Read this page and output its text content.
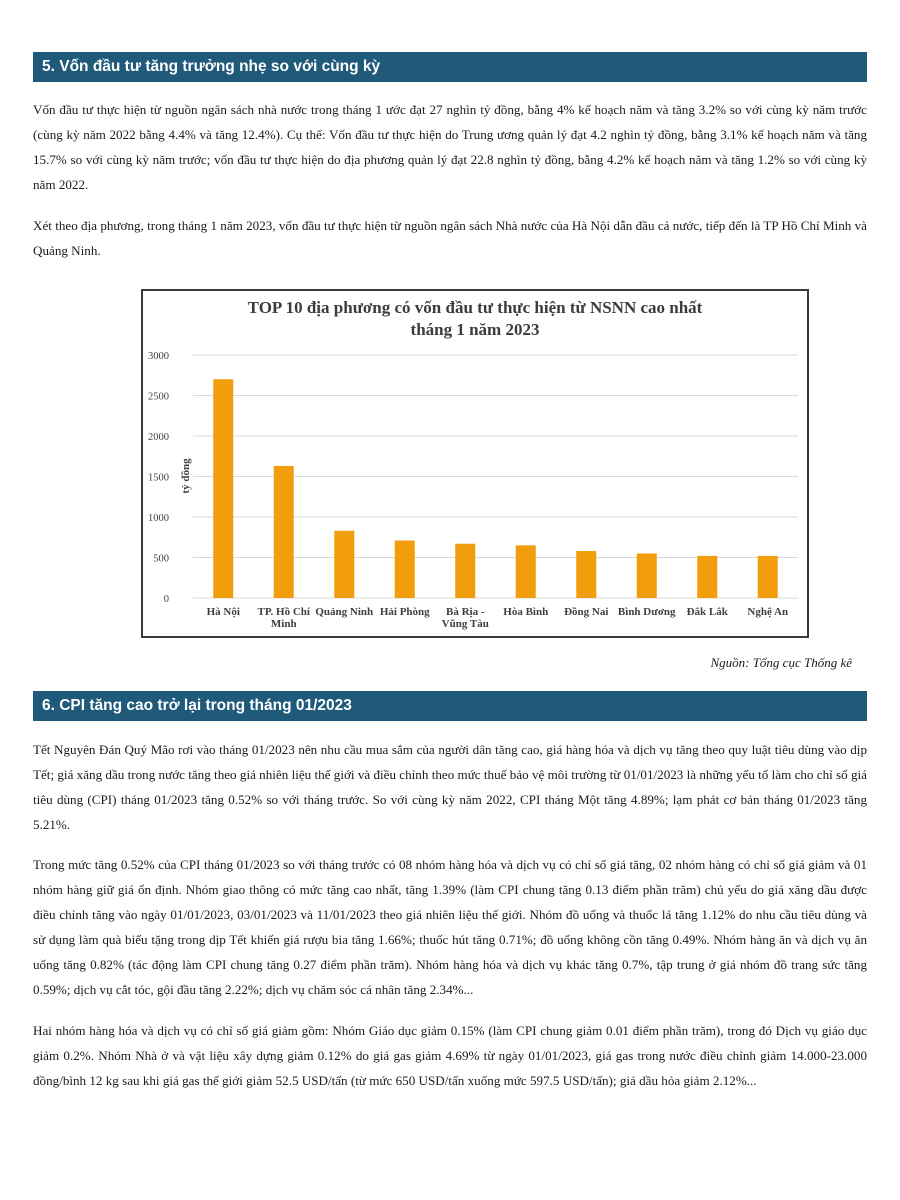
5. Vốn đầu tư tăng trưởng nhẹ so với cùng kỳ

Vốn đầu tư thực hiện từ nguồn ngân sách nhà nước trong tháng 1 ước đạt 27 nghìn tỷ đồng, bằng 4% kế hoạch năm và tăng 3.2% so với cùng kỳ năm trước (cùng kỳ năm 2022 bằng 4.4% và tăng 12.4%). Cụ thể: Vốn đầu tư thực hiện do Trung ương quản lý đạt 4.2 nghìn tỷ đồng, bằng 3.1% kế hoạch năm và tăng 15.7% so với cùng kỳ năm trước; vốn đầu tư thực hiện do địa phương quản lý đạt 22.8 nghìn tỷ đồng, bằng 4.2% kế hoạch năm và tăng 1.2% so với cùng kỳ năm 2022.

Xét theo địa phương, trong tháng 1 năm 2023, vốn đầu tư thực hiện từ nguồn ngân sách Nhà nước của Hà Nội dẫn đầu cả nước, tiếp đến là TP Hồ Chí Minh và Quảng Ninh.

TOP 10 địa phương có vốn đầu tư thực hiện từ NSNN cao nhất
tháng 1 năm 2023
0
500
1000
1500
2000
2500
3000
Hà Nội TP. Hồ Chí Minh
Quảng Ninh Hải Phòng	Bà Rịa -Vũng Tàu
Hòa Bình Đồng Nai Bình Dương Đắk Lắk Nghệ An
tỷ đồng
Nguồn: Tổng cục Thống kê
6. CPI tăng cao trở lại trong tháng 01/2023

Tết Nguyên Đán Quý Mão rơi vào tháng 01/2023 nên nhu cầu mua sắm của người dân tăng cao, giá hàng hóa và dịch vụ tăng theo quy luật tiêu dùng vào dịp Tết; giá xăng dầu trong nước tăng theo giá nhiên liệu thế giới và điều chỉnh theo mức thuế bảo vệ môi trường từ 01/01/2023 là những yếu tố làm cho chỉ số giá tiêu dùng (CPI) tháng 01/2023 tăng 0.52% so với tháng trước. So với cùng kỳ năm 2022, CPI tháng Một tăng 4.89%; lạm phát cơ bản tháng 01/2023 tăng 5.21%.

Trong mức tăng 0.52% của CPI tháng 01/2023 so với tháng trước có 08 nhóm hàng hóa và dịch vụ có chỉ số giá tăng, 02 nhóm hàng có chỉ số giá giảm và 01 nhóm hàng giữ giá ổn định. Nhóm giao thông có mức tăng cao nhất, tăng 1.39% (làm CPI chung tăng 0.13 điểm phần trăm) chủ yếu do giá xăng dầu được điều chỉnh tăng vào ngày 01/01/2023, 03/01/2023 và 11/01/2023 theo giá nhiên liệu thế giới. Nhóm đồ uống và thuốc lá tăng 1.12% do nhu cầu tiêu dùng và sử dụng làm quà biếu tặng trong dịp Tết khiến giá rượu bia tăng 1.66%; thuốc hút tăng 0.71%; đồ uống không cồn tăng 0.49%. Nhóm hàng ăn và dịch vụ ăn uống tăng 0.82% (tác động làm CPI chung tăng 0.27 điểm phần trăm). Nhóm hàng hóa và dịch vụ khác tăng 0.7%, tập trung ở giá nhóm đồ trang sức tăng 0.59%; dịch vụ cắt tóc, gội đầu tăng 2.22%; dịch vụ chăm sóc cá nhân tăng 2.34%...

Hai nhóm hàng hóa và dịch vụ có chỉ số giá giảm gồm: Nhóm Giáo dục giảm 0.15% (làm CPI chung giảm 0.01 điểm phần trăm), trong đó Dịch vụ giáo dục giảm 0.2%. Nhóm Nhà ở và vật liệu xây dựng giảm 0.12% do giá gas giảm 4.69% từ ngày 01/01/2023, giá gas trong nước điều chỉnh giảm 14.000-23.000 đồng/bình 12 kg sau khi giá gas thế giới giảm 52.5 USD/tấn (từ mức 650 USD/tấn xuống mức 597.5 USD/tấn); giá dầu hỏa giảm 2.12%...
